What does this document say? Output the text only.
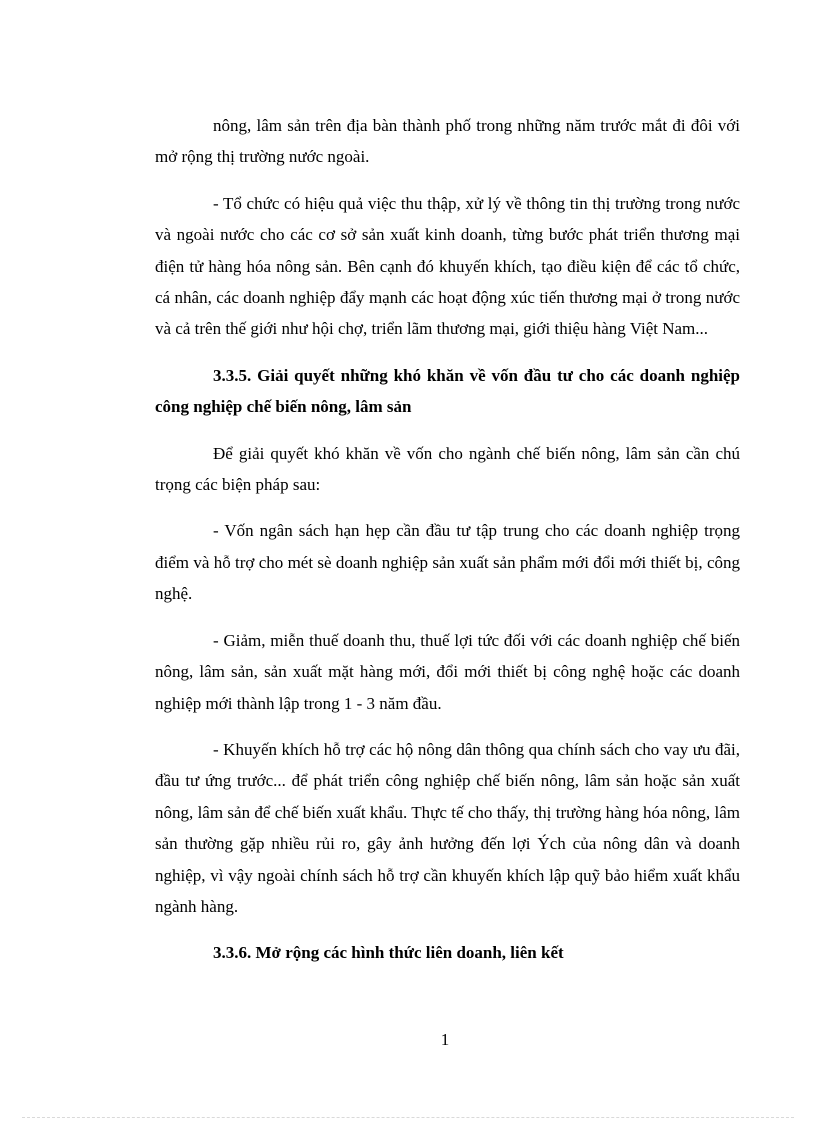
nông, lâm sản trên địa bàn thành phố trong những năm trước mắt đi đôi với mở rộng thị trường nước ngoài.

- Tổ chức có hiệu quả việc thu thập, xử lý về thông tin thị trường trong nước và ngoài nước cho các cơ sở sản xuất kinh doanh, từng bước phát triển thương mại điện tử hàng hóa nông sản. Bên cạnh đó khuyến khích, tạo điều kiện để các tổ chức, cá nhân, các doanh nghiệp đẩy mạnh các hoạt động xúc tiến thương mại ở trong nước và cả trên thế giới như hội chợ, triển lãm thương mại, giới thiệu hàng Việt Nam...

3.3.5. Giải quyết những khó khăn về vốn đầu tư cho các doanh nghiệp công nghiệp chế biến nông, lâm sản

Để giải quyết khó khăn về vốn cho ngành chế biến nông, lâm sản cần chú trọng các biện pháp sau:

- Vốn ngân sách hạn hẹp cần đầu tư tập trung cho các doanh nghiệp trọng điểm và hỗ trợ cho mét sè doanh nghiệp sản xuất sản phẩm mới đổi mới thiết bị, công nghệ.

- Giảm, miễn thuế doanh thu, thuế lợi tức đối với các doanh nghiệp chế biến nông, lâm sản, sản xuất mặt hàng mới, đổi mới thiết bị công nghệ hoặc các doanh nghiệp mới thành lập trong 1 - 3 năm đầu.

- Khuyến khích hỗ trợ các hộ nông dân thông qua chính sách cho vay ưu đãi, đầu tư ứng trước... để phát triển công nghiệp chế biến nông, lâm sản hoặc sản xuất nông, lâm sản để chế biến xuất khẩu. Thực tế cho thấy, thị trường hàng hóa nông, lâm sản thường gặp nhiều rủi ro, gây ảnh hưởng đến lợi Ých của nông dân và doanh nghiệp, vì vậy ngoài chính sách hỗ trợ cần khuyến khích lập quỹ bảo hiểm xuất khẩu ngành hàng.

3.3.6. Mở rộng các hình thức liên doanh, liên kết

1
